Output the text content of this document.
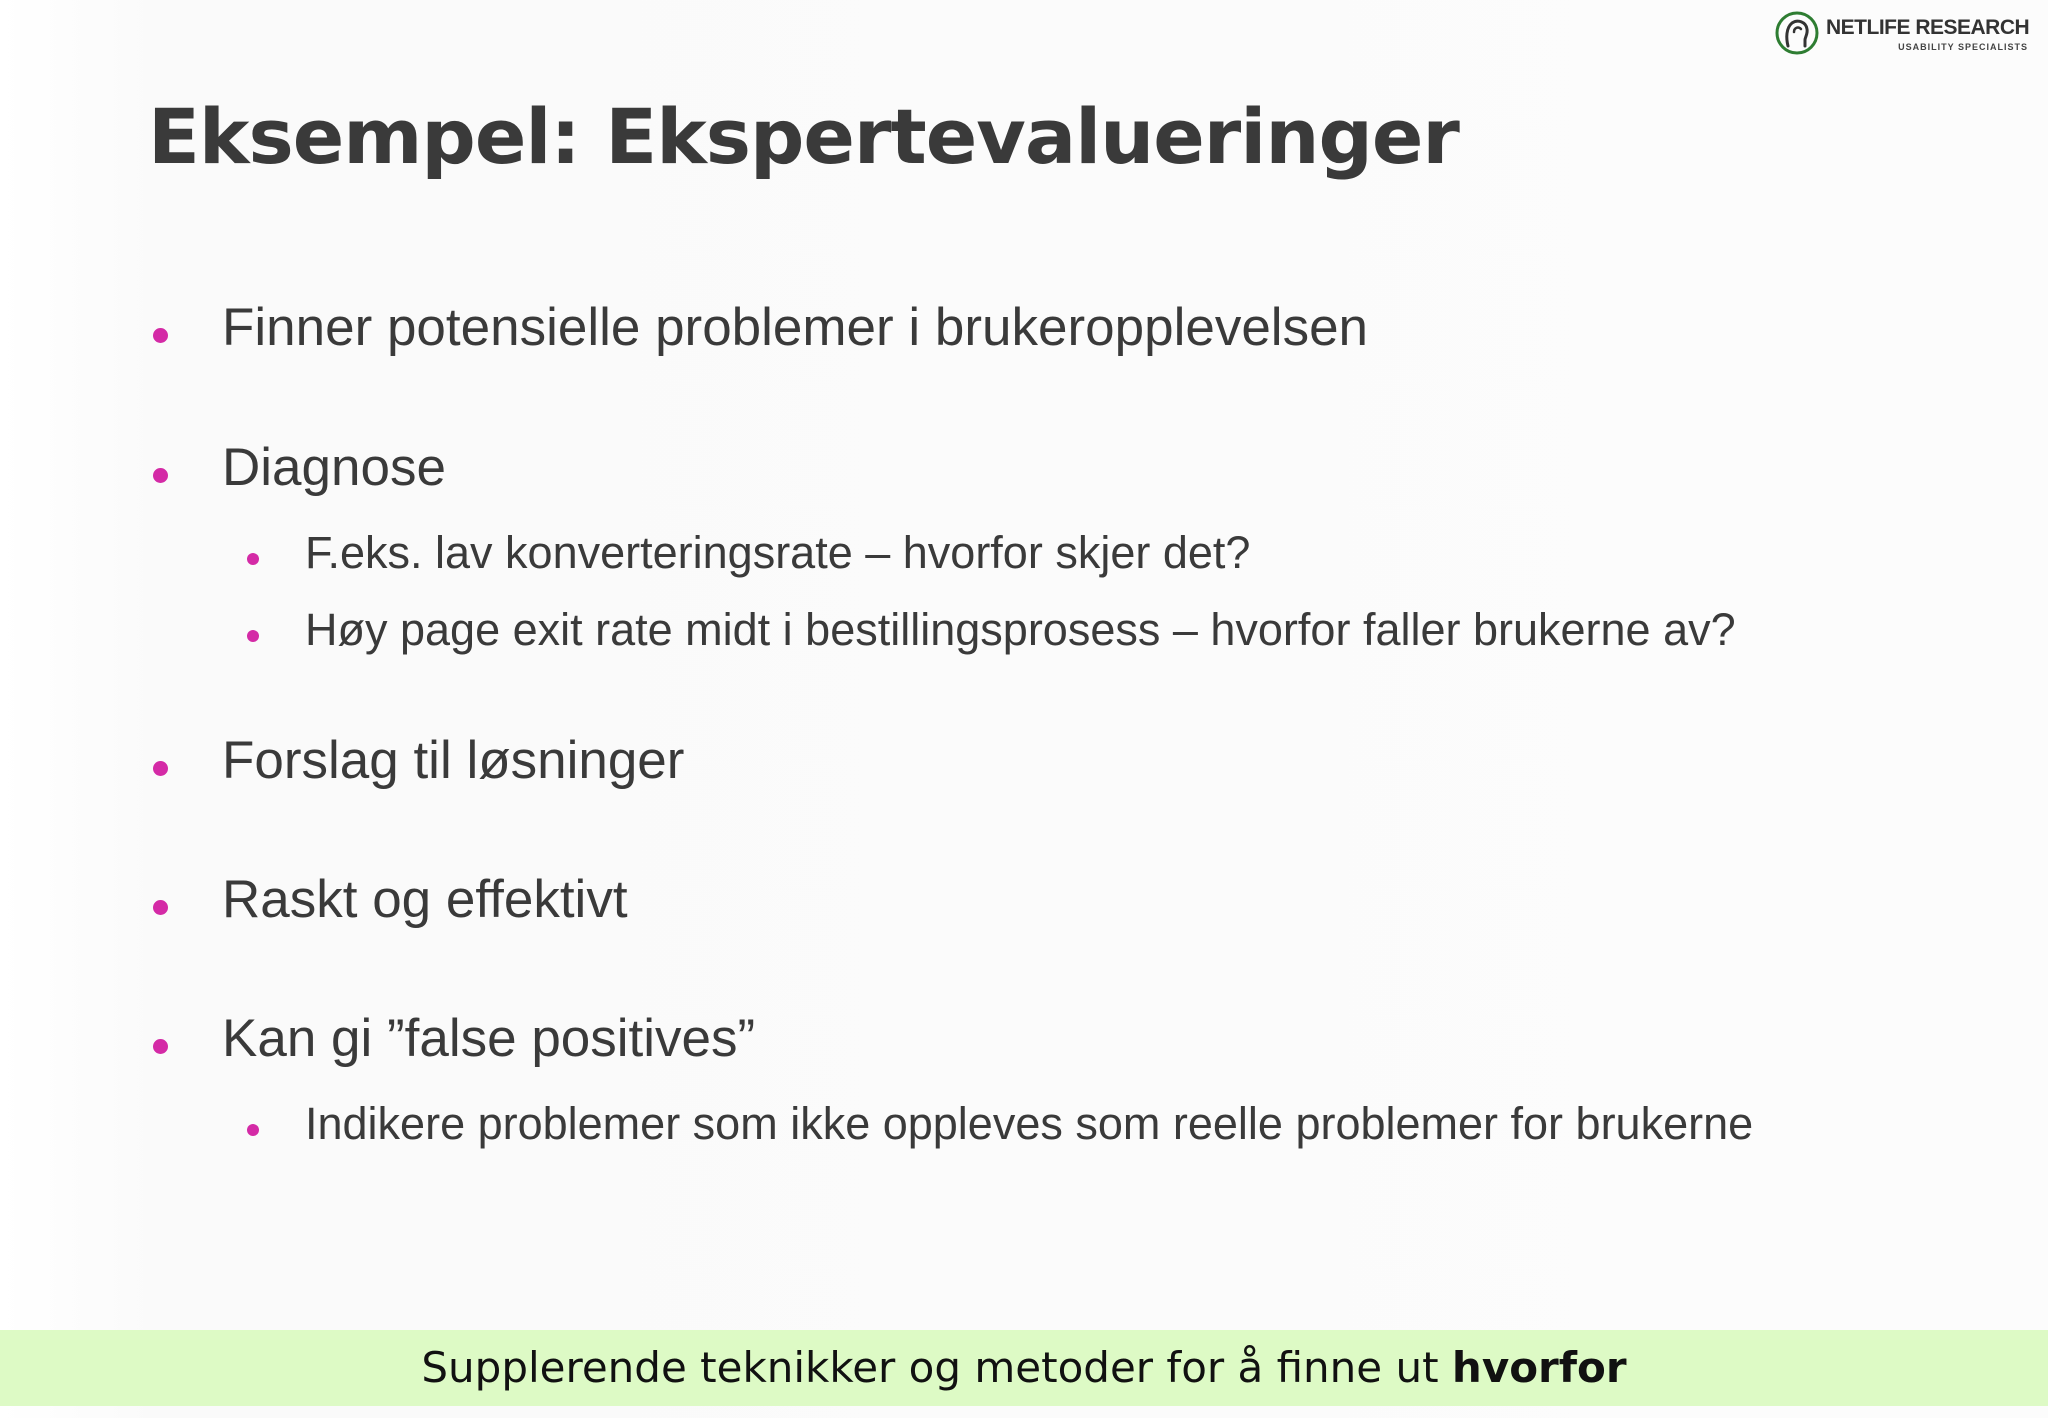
NETLIFE RESEARCH
USABILITY SPECIALISTS
Eksempel: Ekspertevalueringer
Finner potensielle problemer i brukeropplevelsen
Diagnose
F.eks. lav konverteringsrate – hvorfor skjer det?
Høy page exit rate midt i bestillingsprosess – hvorfor faller brukerne av?
Forslag til løsninger
Raskt og effektivt
Kan gi ”false positives”
Indikere problemer som ikke oppleves som reelle problemer for brukerne
Supplerende teknikker og metoder for å finne ut hvorfor
